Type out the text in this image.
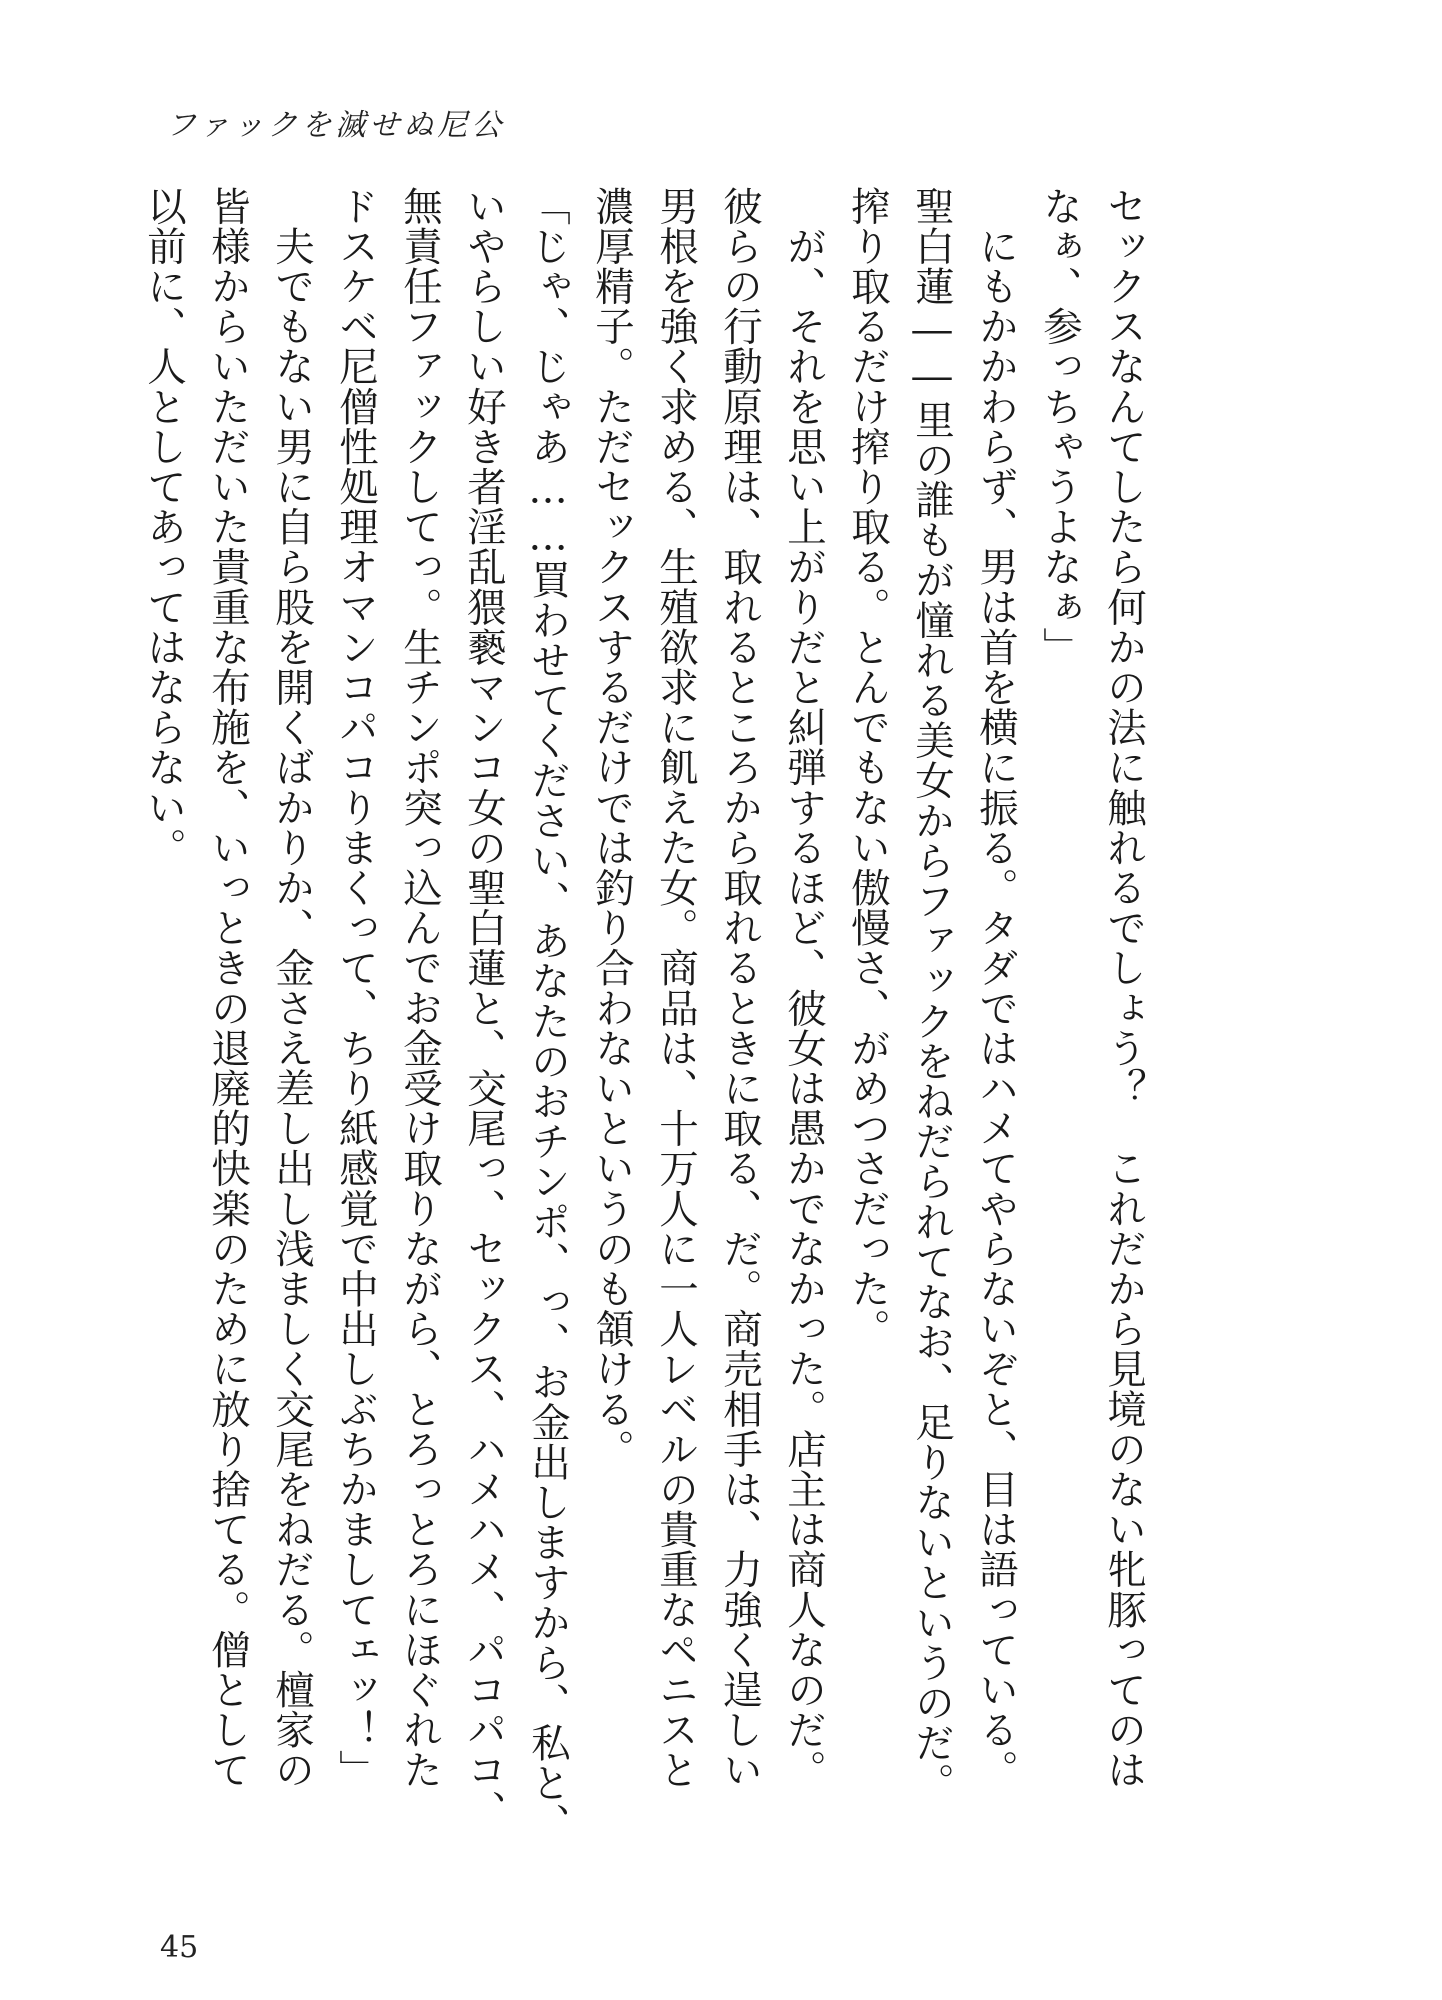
ファックを滅せぬ尼公
セックスなんてしたら何かの法に触れるでしょう？　これだから見境のない牝豚ってのは
なぁ、参っちゃうよなぁ」
　にもかかわらず、男は首を横に振る。タダではハメてやらないぞと、目は語っている。
聖白蓮――里の誰もが憧れる美女からファックをねだられてなお、足りないというのだ。
搾り取るだけ搾り取る。とんでもない傲慢さ、がめつさだった。
　が、それを思い上がりだと糾弾するほど、彼女は愚かでなかった。店主は商人なのだ。
彼らの行動原理は、取れるところから取れるときに取る、だ。商売相手は、力強く逞しい
男根を強く求める、生殖欲求に飢えた女。商品は、十万人に一人レベルの貴重なペニスと
濃厚精子。ただセックスするだけでは釣り合わないというのも頷ける。
「じゃ、じゃあ……買わせてください、あなたのおチンポ、っ、お金出しますから、私と、
いやらしい好き者淫乱猥褻マンコ女の聖白蓮と、交尾っ、セックス、ハメハメ、パコパコ、
無責任ファックしてっ。生チンポ突っ込んでお金受け取りながら、とろっとろにほぐれた
ドスケベ尼僧性処理オマンコパコりまくって、ちり紙感覚で中出しぶちかましてェッ！」
　夫でもない男に自ら股を開くばかりか、金さえ差し出し浅ましく交尾をねだる。檀家の
皆様からいただいた貴重な布施を、いっときの退廃的快楽のために放り捨てる。僧として
以前に、人としてあってはならない。
45
